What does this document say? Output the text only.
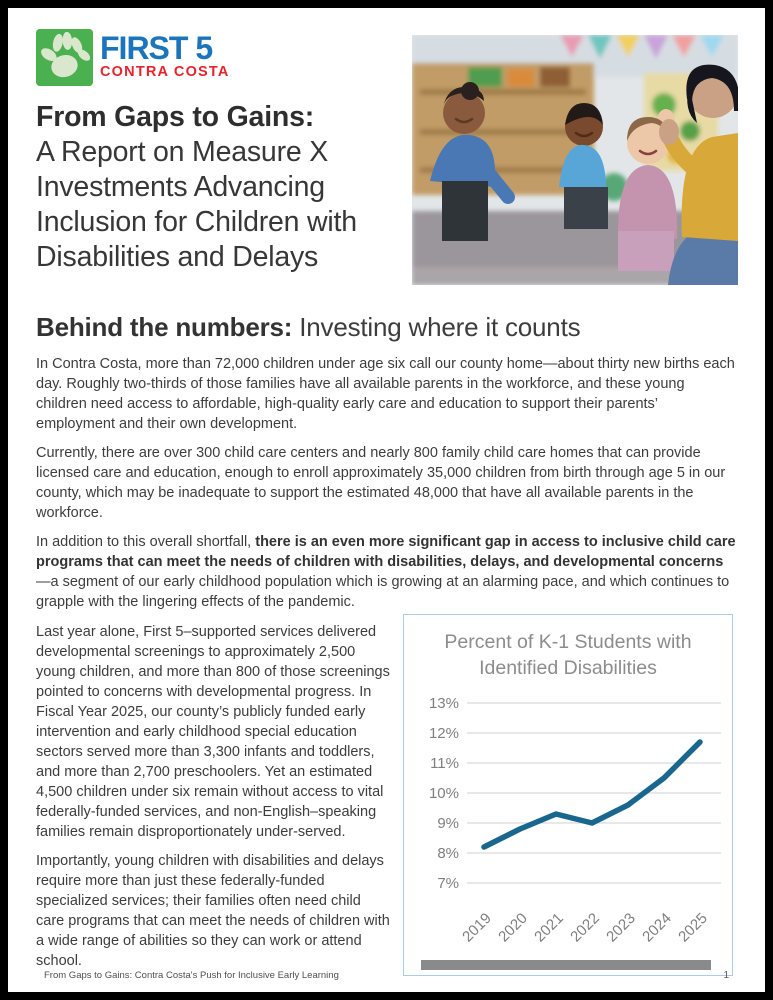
FIRST 5
CONTRA COSTA
From Gaps to Gains:
A Report on Measure X Investments Advancing Inclusion for Children with Disabilities and Delays
Behind the numbers: Investing where it counts

In Contra Costa, more than 72,000 children under age six call our county home—about thirty new births each day. Roughly two-thirds of those families have all available parents in the workforce, and these young children need access to affordable, high-quality early care and education to support their parents’ employment and their own development.

Currently, there are over 300 child care centers and nearly 800 family child care homes that can provide licensed care and education, enough to enroll approximately 35,000 children from birth through age 5 in our county, which may be inadequate to support the estimated 48,000 that have all available parents in the workforce.

In addition to this overall shortfall, there is an even more significant gap in access to inclusive child care programs that can meet the needs of children with disabilities, delays, and developmental concerns—a segment of our early childhood population which is growing at an alarming pace, and which continues to grapple with the lingering effects of the pandemic.

Last year alone, First 5–supported services delivered developmental screenings to approximately 2,500 young children, and more than 800 of those screenings pointed to concerns with developmental progress. In Fiscal Year 2025, our county’s publicly funded early intervention and early childhood special education sectors served more than 3,300 infants and toddlers, and more than 2,700 preschoolers. Yet an estimated 4,500 children under six remain without access to vital federally-funded services, and non-English–speaking families remain disproportionately under-served.

Importantly, young children with disabilities and delays require more than just these federally-funded specialized services; their families often need child care programs that can meet the needs of children with a wide range of abilities so they can work or attend school.

Percent of K-1 Students with Identified Disabilities
13%
12%
11%
10%
9%
8%
7%
2019 2020 2021 2022 2023 2024 2025
From Gaps to Gains: Contra Costa's Push for Inclusive Early Learning	1
